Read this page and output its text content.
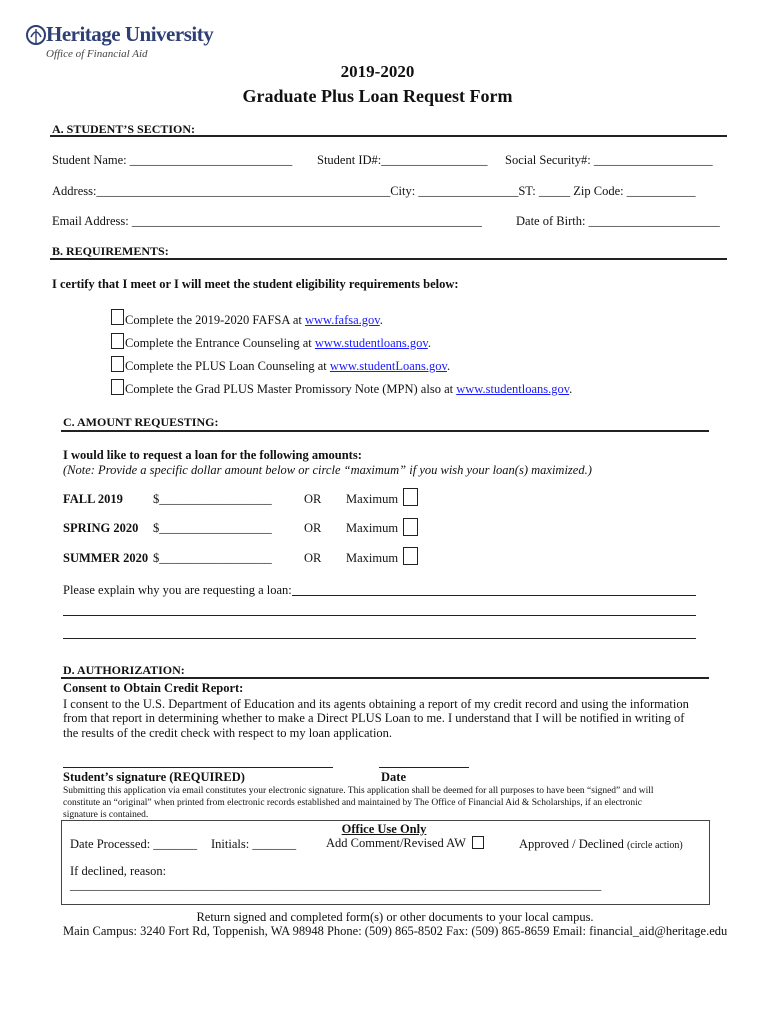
Heritage University
Office of Financial Aid
2019-2020
Graduate Plus Loan Request Form
A. STUDENT’S SECTION:
Student Name: __________________________ Student ID#:_________________ Social Security#: ___________________
Address:_______________________________________________City: ________________ST: _____ Zip Code: ___________
Email Address: ________________________________________________________	Date of Birth: _____________________
B. REQUIREMENTS:
I certify that I meet or I will meet the student eligibility requirements below:
Complete the 2019-2020 FAFSA at www.fafsa.gov.
Complete the Entrance Counseling at www.studentloans.gov.
Complete the PLUS Loan Counseling at www.studentLoans.gov.
Complete the Grad PLUS Master Promissory Note (MPN) also at www.studentloans.gov.
C. AMOUNT REQUESTING:
I would like to request a loan for the following amounts:
(Note: Provide a specific dollar amount below or circle “maximum” if you wish your loan(s) maximized.)
FALL 2019 $__________________	OR Maximum
SPRING 2020 $__________________	OR Maximum
SUMMER 2020 $__________________	OR Maximum
Please explain why you are requesting a loan:
D. AUTHORIZATION:
Consent to Obtain Credit Report:
I consent to the U.S. Department of Education and its agents obtaining a report of my credit record and using the information
from that report in determining whether to make a Direct PLUS Loan to me. I understand that I will be notified in writing of
the results of the credit check with respect to my loan application.
Student’s signature (REQUIRED)	Date
Submitting this application via email constitutes your electronic signature. This application shall be deemed for all purposes to have been “signed” and will
constitute an “original” when printed from electronic records established and maintained by The Office of Financial Aid & Scholarships, if an electronic
signature is contained.
Office Use Only
Date Processed: _______ Initials: _______ Add Comment/Revised AW	Approved / Declined (circle action)
If declined, reason:
_____________________________________________________________________________________
Return signed and completed form(s) or other documents to your local campus.
Main Campus: 3240 Fort Rd, Toppenish, WA 98948 Phone: (509) 865-8502 Fax: (509) 865-8659 Email: financial_aid@heritage.edu
